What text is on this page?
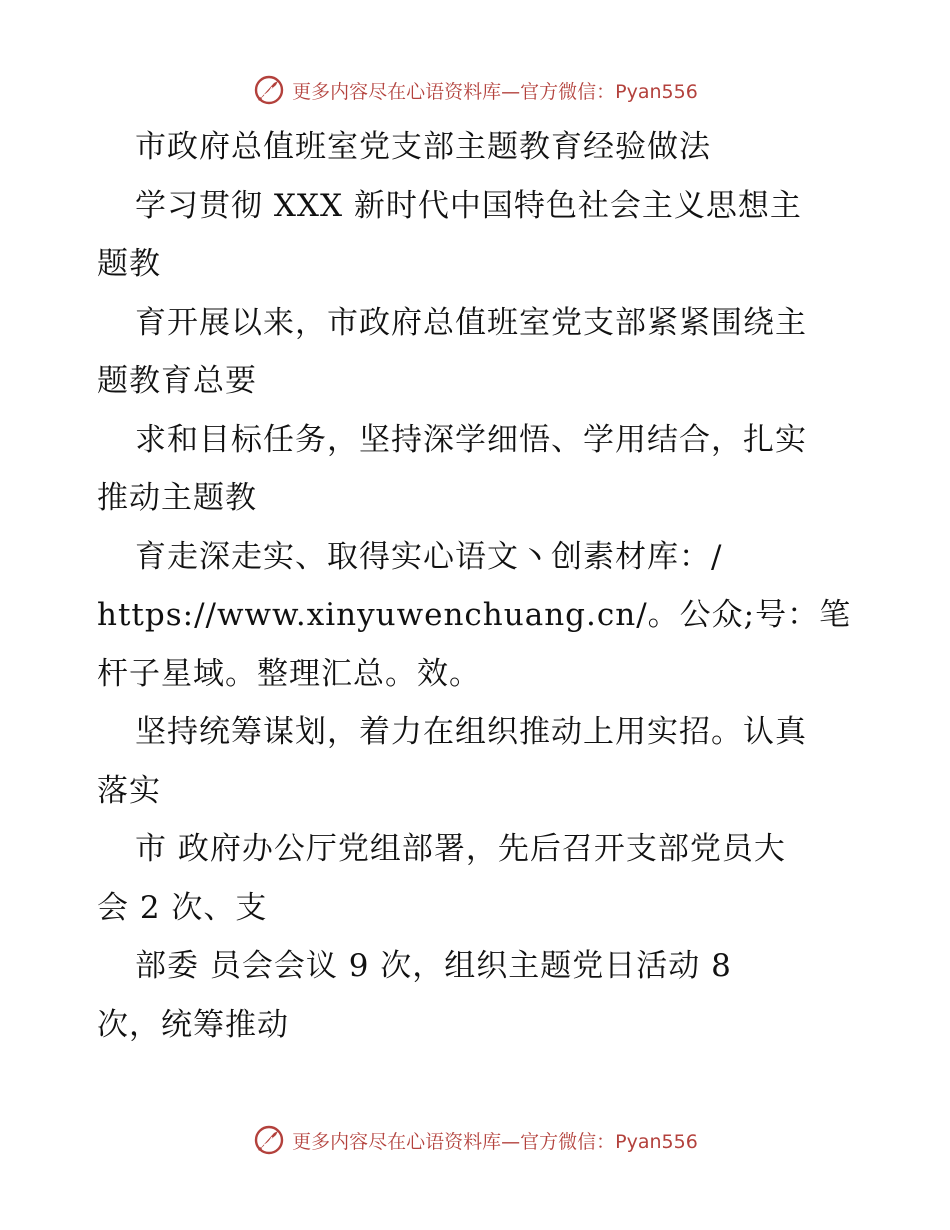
更多内容尽在心语资料库—官方微信：Pyan556
市政府总值班室党支部主题教育经验做法
学习贯彻 XXX 新时代中国特色社会主义思想主
题教
育开展以来，市政府总值班室党支部紧紧围绕主
题教育总要
求和目标任务，坚持深学细悟、学用结合，扎实
推动主题教
育走深走实、取得实心语文丶创素材库：/
https://www.xinyuwenchuang.cn/。公众;号：笔
杆子星域。整理汇总。效。
坚持统筹谋划，着力在组织推动上用实招。认真
落实
市 政府办公厅党组部署，先后召开支部党员大
会 2 次、支
部委 员会会议 9 次，组织主题党日活动 8
次，统筹推动
更多内容尽在心语资料库—官方微信：Pyan556
